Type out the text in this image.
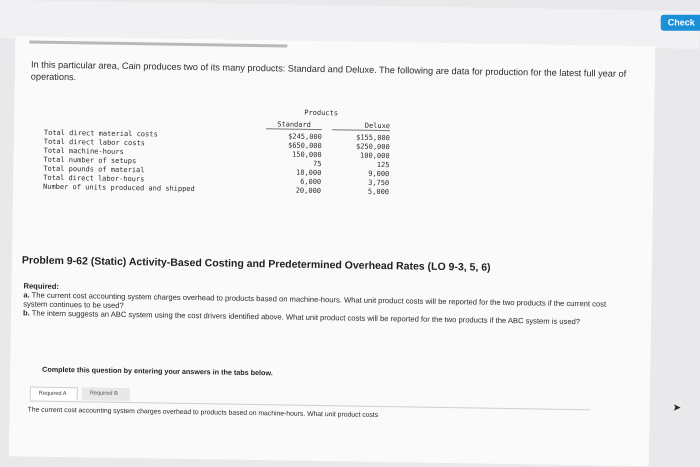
Check
In this particular area, Cain produces two of its many products: Standard and Deluxe. The following are data for production for the latest full year of operations.
Products
Standard	Deluxe
Total direct material costs	$245,000	$155,000
Total direct labor costs	$650,000	$250,000
Total machine-hours	150,000	100,000
Total number of setups	75	125
Total pounds of material	18,000	9,000
Total direct labor-hours	6,000	3,750
Number of units produced and shipped	20,000	5,000
Problem 9-62 (Static) Activity-Based Costing and Predetermined Overhead Rates (LO 9-3, 5, 6)
Required:
a. The current cost accounting system charges overhead to products based on machine-hours. What unit product costs will be reported for the two products if the current cost system continues to be used?
b. The intern suggests an ABC system using the cost drivers identified above. What unit product costs will be reported for the two products if the ABC system is used?
Complete this question by entering your answers in the tabs below.
Required A	Required B
The current cost accounting system charges overhead to products based on machine-hours. What unit product costs	➤
